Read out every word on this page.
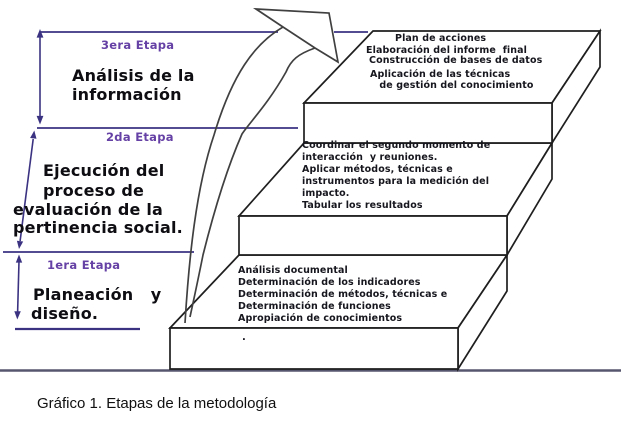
3era Etapa
Análisis de la
información
2da Etapa
Ejecución del
proceso de
evaluación de la
pertinencia social.
1era Etapa
Planeación   y
diseño.
Plan de acciones
Elaboración del informe  final
Construcción de bases de datos
Aplicación de las técnicas
de gestión del conocimiento
Coordinar el segundo momento de
interacción  y reuniones.
Aplicar métodos, técnicas e
instrumentos para la medición del
impacto.
Tabular los resultados
Análisis documental
Determinación de los indicadores
Determinación de métodos, técnicas e
Determinación de funciones
Apropiación de conocimientos
.
Gráfico 1. Etapas de la metodología
